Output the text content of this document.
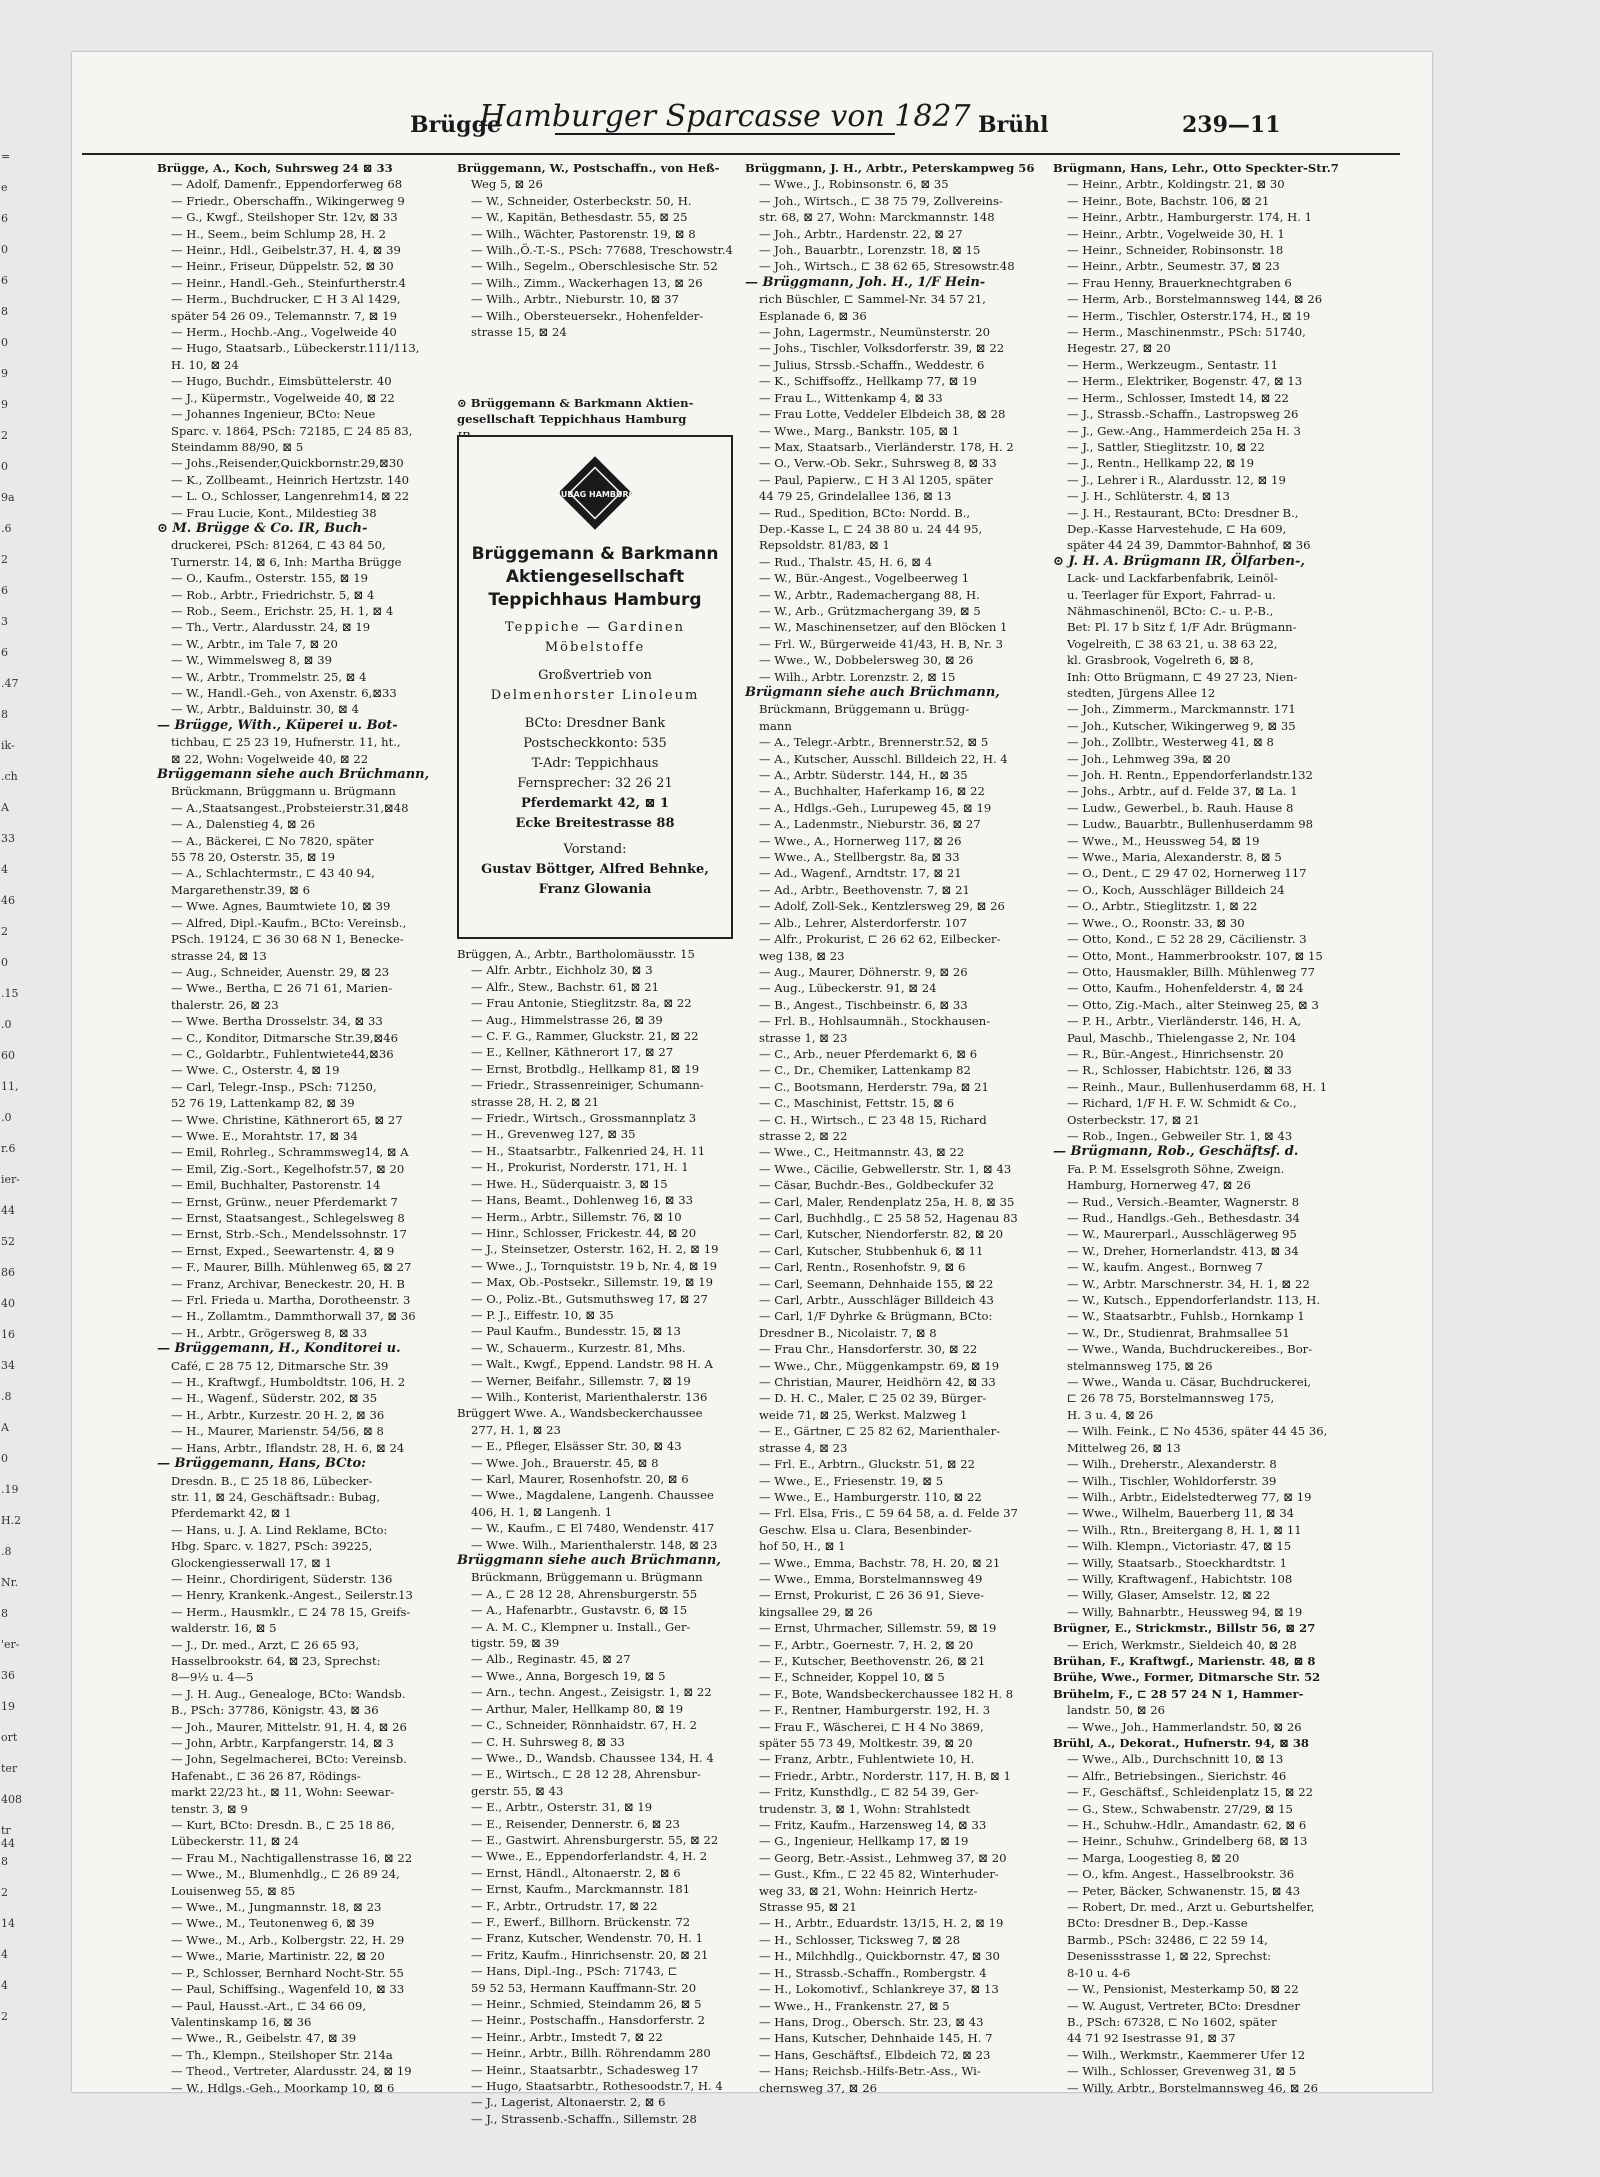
=
e
6
0
6
8
0
9
9
2
0
9a
.6
2
6
3
6
.47
8
ik-
.ch
A
33
4
46
2
0
.15
.0
60
11,
.0
r.6
ier-
44
52
86
40
16
34
.8
A
0
.19
H.2
.8
Nr.
8
'er-
36
19
ort
ter
408
tr 44
8
2
14
4
4
2
Brügge
Hamburger Sparcasse von 1827 Brühl	239—11
Brügge, A., Koch, Suhrsweg 24 ⊠ 33
— Adolf, Damenfr., Eppendorferweg 68
— Friedr., Oberschaffn., Wikingerweg 9
— G., Kwgf., Steilshoper Str. 12v, ⊠ 33
— H., Seem., beim Schlump 28, H. 2
— Heinr., Hdl., Geibelstr.37, H. 4, ⊠ 39
— Heinr., Friseur, Düppelstr. 52, ⊠ 30
— Heinr., Handl.-Geh., Steinfurtherstr.4
— Herm., Buchdrucker, ⊏ H 3 Al 1429,
später 54 26 09., Telemannstr. 7, ⊠ 19
— Herm., Hochb.-Ang., Vogelweide 40
— Hugo, Staatsarb., Lübeckerstr.111/113,
H. 10, ⊠ 24
— Hugo, Buchdr., Eimsbüttelerstr. 40
— J., Küpermstr., Vogelweide 40, ⊠ 22
— Johannes Ingenieur, BCto: Neue
Sparc. v. 1864, PSch: 72185, ⊏ 24 85 83,
Steindamm 88/90, ⊠ 5
— Johs.,Reisender,Quickbornstr.29,⊠30
— K., Zollbeamt., Heinrich Hertzstr. 140
— L. O., Schlosser, Langenrehm14, ⊠ 22
— Frau Lucie, Kont., Mildestieg 38
⊙ M. Brügge & Co. IR, Buch-
druckerei, PSch: 81264, ⊏ 43 84 50,
Turnerstr. 14, ⊠ 6, Inh: Martha Brügge
— O., Kaufm., Osterstr. 155, ⊠ 19
— Rob., Arbtr., Friedrichstr. 5, ⊠ 4
— Rob., Seem., Erichstr. 25, H. 1, ⊠ 4
— Th., Vertr., Alardusstr. 24, ⊠ 19
— W., Arbtr., im Tale 7, ⊠ 20
— W., Wimmelsweg 8, ⊠ 39
— W., Arbtr., Trommelstr. 25, ⊠ 4
— W., Handl.-Geh., von Axenstr. 6,⊠33
— W., Arbtr., Balduinstr. 30, ⊠ 4
— Brügge, With., Küperei u. Bot-
tichbau, ⊏ 25 23 19, Hufnerstr. 11, ht.,
⊠ 22, Wohn: Vogelweide 40, ⊠ 22
Brüggemann siehe auch Brüchmann,
Brückmann, Brüggmann u. Brügmann
— A.,Staatsangest.,Probsteierstr.31,⊠48
— A., Dalenstieg 4, ⊠ 26
— A., Bäckerei, ⊏ No 7820, später
55 78 20, Osterstr. 35, ⊠ 19
— A., Schlachtermstr., ⊏ 43 40 94,
Margarethenstr.39, ⊠ 6
— Wwe. Agnes, Baumtwiete 10, ⊠ 39
— Alfred, Dipl.-Kaufm., BCto: Vereinsb.,
PSch. 19124, ⊏ 36 30 68 N 1, Benecke-
strasse 24, ⊠ 13
— Aug., Schneider, Auenstr. 29, ⊠ 23
— Wwe., Bertha, ⊏ 26 71 61, Marien-
thalerstr. 26, ⊠ 23
— Wwe. Bertha Drosselstr. 34, ⊠ 33
— C., Konditor, Ditmarsche Str.39,⊠46
— C., Goldarbtr., Fuhlentwiete44,⊠36
— Wwe. C., Osterstr. 4, ⊠ 19
— Carl, Telegr.-Insp., PSch: 71250,
52 76 19, Lattenkamp 82, ⊠ 39
— Wwe. Christine, Käthnerort 65, ⊠ 27
— Wwe. E., Morahtstr. 17, ⊠ 34
— Emil, Rohrleg., Schrammsweg14, ⊠ A
— Emil, Zig.-Sort., Kegelhofstr.57, ⊠ 20
— Emil, Buchhalter, Pastorenstr. 14
— Ernst, Grünw., neuer Pferdemarkt 7
— Ernst, Staatsangest., Schlegelsweg 8
— Ernst, Strb.-Sch., Mendelssohnstr. 17
— Ernst, Exped., Seewartenstr. 4, ⊠ 9
— F., Maurer, Billh. Mühlenweg 65, ⊠ 27
— Franz, Archivar, Beneckestr. 20, H. B
— Frl. Frieda u. Martha, Dorotheenstr. 3
— H., Zollamtm., Dammthorwall 37, ⊠ 36
— H., Arbtr., Grögersweg 8, ⊠ 33
— Brüggemann, H., Konditorei u.
Café, ⊏ 28 75 12, Ditmarsche Str. 39
— H., Kraftwgf., Humboldtstr. 106, H. 2
— H., Wagenf., Süderstr. 202, ⊠ 35
— H., Arbtr., Kurzestr. 20 H. 2, ⊠ 36
— H., Maurer, Marienstr. 54/56, ⊠ 8
— Hans, Arbtr., Iflandstr. 28, H. 6, ⊠ 24
— Brüggemann, Hans, BCto:
Dresdn. B., ⊏ 25 18 86, Lübecker-
str. 11, ⊠ 24, Geschäftsadr.: Bubag,
Pferdemarkt 42, ⊠ 1
— Hans, u. J. A. Lind Reklame, BCto:
Hbg. Sparc. v. 1827, PSch: 39225,
Glockengiesserwall 17, ⊠ 1
— Heinr., Chordirigent, Süderstr. 136
— Henry, Krankenk.-Angest., Seilerstr.13
— Herm., Hausmklr., ⊏ 24 78 15, Greifs-
walderstr. 16, ⊠ 5
— J., Dr. med., Arzt, ⊏ 26 65 93,
Hasselbrookstr. 64, ⊠ 23, Sprechst:
8—9½ u. 4—5
— J. H. Aug., Genealoge, BCto: Wandsb.
B., PSch: 37786, Königstr. 43, ⊠ 36
— Joh., Maurer, Mittelstr. 91, H. 4, ⊠ 26
— John, Arbtr., Karpfangerstr. 14, ⊠ 3
— John, Segelmacherei, BCto: Vereinsb.
Hafenabt., ⊏ 36 26 87, Rödings-
markt 22/23 ht., ⊠ 11, Wohn: Seewar-
tenstr. 3, ⊠ 9
— Kurt, BCto: Dresdn. B., ⊏ 25 18 86,
Lübeckerstr. 11, ⊠ 24
— Frau M., Nachtigallenstrasse 16, ⊠ 22
— Wwe., M., Blumenhdlg., ⊏ 26 89 24,
Louisenweg 55, ⊠ 85
— Wwe., M., Jungmannstr. 18, ⊠ 23
— Wwe., M., Teutonenweg 6, ⊠ 39
— Wwe., M., Arb., Kolbergstr. 22, H. 29
— Wwe., Marie, Martinistr. 22, ⊠ 20
— P., Schlosser, Bernhard Nocht-Str. 55
— Paul, Schiffsing., Wagenfeld 10, ⊠ 33
— Paul, Hausst.-Art., ⊏ 34 66 09,
Valentinskamp 16, ⊠ 36
— Wwe., R., Geibelstr. 47, ⊠ 39
— Th., Klempn., Steilshoper Str. 214a
— Theod., Vertreter, Alardusstr. 24, ⊠ 19
— W., Hdlgs.-Geh., Moorkamp 10, ⊠ 6
Brüggemann, W., Postschaffn., von Heß-
Weg 5, ⊠ 26
— W., Schneider, Osterbeckstr. 50, H.
— W., Kapitän, Bethesdastr. 55, ⊠ 25
— Wilh., Wächter, Pastorenstr. 19, ⊠ 8
— Wilh.,Ö.-T.-S., PSch: 77688, Treschowstr.4
— Wilh., Segelm., Oberschlesische Str. 52
— Wilh., Zimm., Wackerhagen 13, ⊠ 26
— Wilh., Arbtr., Nieburstr. 10, ⊠ 37
— Wilh., Obersteuersekr., Hohenfelder-
strasse 15, ⊠ 24
⊙ Brüggemann & Barkmann Aktien-
gesellschaft Teppichhaus Hamburg
BUBAG HAMBURG
Brüggemann & Barkmann
Aktiengesellschaft
Teppichhaus Hamburg
Teppiche — Gardinen
Möbelstoffe
Großvertrieb von
Delmenhorster Linoleum
BCto: Dresdner Bank
Postscheckkonto: 535
T-Adr: Teppichhaus
Fernsprecher: 32 26 21
Pferdemarkt 42, ⊠ 1
Ecke Breitestrasse 88
Vorstand:
Gustav Böttger, Alfred Behnke,
Franz Glowania
Brüggen, A., Arbtr., Bartholomäusstr. 15
— Alfr. Arbtr., Eichholz 30, ⊠ 3
— Alfr., Stew., Bachstr. 61, ⊠ 21
— Frau Antonie, Stieglitzstr. 8a, ⊠ 22
— Aug., Himmelstrasse 26, ⊠ 39
— C. F. G., Rammer, Gluckstr. 21, ⊠ 22
— E., Kellner, Käthnerort 17, ⊠ 27
— Ernst, Brotbdlg., Hellkamp 81, ⊠ 19
— Friedr., Strassenreiniger, Schumann-
strasse 28, H. 2, ⊠ 21
— Friedr., Wirtsch., Grossmannplatz 3
— H., Grevenweg 127, ⊠ 35
— H., Staatsarbtr., Falkenried 24, H. 11
— H., Prokurist, Norderstr. 171, H. 1
— Hwe. H., Süderquaistr. 3, ⊠ 15
— Hans, Beamt., Dohlenweg 16, ⊠ 33
— Herm., Arbtr., Sillemstr. 76, ⊠ 10
— Hinr., Schlosser, Frickestr. 44, ⊠ 20
— J., Steinsetzer, Osterstr. 162, H. 2, ⊠ 19
— Wwe., J., Tornquiststr. 19 b, Nr. 4, ⊠ 19
— Max, Ob.-Postsekr., Sillemstr. 19, ⊠ 19
— O., Poliz.-Bt., Gutsmuthsweg 17, ⊠ 27
— P. J., Eiffestr. 10, ⊠ 35
— Paul Kaufm., Bundesstr. 15, ⊠ 13
— W., Schauerm., Kurzestr. 81, Mhs.
— Walt., Kwgf., Eppend. Landstr. 98 H. A
— Werner, Beifahr., Sillemstr. 7, ⊠ 19
— Wilh., Konterist, Marienthalerstr. 136
Brüggert Wwe. A., Wandsbeckerchaussee
277, H. 1, ⊠ 23
— E., Pfleger, Elsässer Str. 30, ⊠ 43
— Wwe. Joh., Brauerstr. 45, ⊠ 8
— Karl, Maurer, Rosenhofstr. 20, ⊠ 6
— Wwe., Magdalene, Langenh. Chaussee
406, H. 1, ⊠ Langenh. 1
— W., Kaufm., ⊏ El 7480, Wendenstr. 417
— Wwe. Wilh., Marienthalerstr. 148, ⊠ 23
Brüggmann siehe auch Brüchmann,
Brückmann, Brüggemann u. Brügmann
— A., ⊏ 28 12 28, Ahrensburgerstr. 55
— A., Hafenarbtr., Gustavstr. 6, ⊠ 15
— A. M. C., Klempner u. Install., Ger-
tigstr. 59, ⊠ 39
— Alb., Reginastr. 45, ⊠ 27
— Wwe., Anna, Borgesch 19, ⊠ 5
— Arn., techn. Angest., Zeisigstr. 1, ⊠ 22
— Arthur, Maler, Hellkamp 80, ⊠ 19
— C., Schneider, Rönnhaidstr. 67, H. 2
— C. H. Suhrsweg 8, ⊠ 33
— Wwe., D., Wandsb. Chaussee 134, H. 4
— E., Wirtsch., ⊏ 28 12 28, Ahrensbur-
gerstr. 55, ⊠ 43
— E., Arbtr., Osterstr. 31, ⊠ 19
— E., Reisender, Dennerstr. 6, ⊠ 23
— E., Gastwirt. Ahrensburgerstr. 55, ⊠ 22
— Wwe., E., Eppendorferlandstr. 4, H. 2
— Ernst, Händl., Altonaerstr. 2, ⊠ 6
— Ernst, Kaufm., Marckmannstr. 181
— F., Arbtr., Ortrudstr. 17, ⊠ 22
— F., Ewerf., Billhorn. Brückenstr. 72
— Franz, Kutscher, Wendenstr. 70, H. 1
— Fritz, Kaufm., Hinrichsenstr. 20, ⊠ 21
— Hans, Dipl.-Ing., PSch: 71743, ⊏
59 52 53, Hermann Kauffmann-Str. 20
— Heinr., Schmied, Steindamm 26, ⊠ 5
— Heinr., Postschaffn., Hansdorferstr. 2
— Heinr., Arbtr., Imstedt 7, ⊠ 22
— Heinr., Arbtr., Billh. Röhrendamm 280
— Heinr., Staatsarbtr., Schadesweg 17
— Hugo, Staatsarbtr., Rothesoodstr.7, H. 4
— J., Lagerist, Altonaerstr. 2, ⊠ 6
— J., Strassenb.-Schaffn., Sillemstr. 28
Brüggmann, J. H., Arbtr., Peterskampweg 56
— Wwe., J., Robinsonstr. 6, ⊠ 35
— Joh., Wirtsch., ⊏ 38 75 79, Zollvereins-
str. 68, ⊠ 27, Wohn: Marckmannstr. 148
— Joh., Arbtr., Hardenstr. 22, ⊠ 27
— Joh., Bauarbtr., Lorenzstr. 18, ⊠ 15
— Joh., Wirtsch., ⊏ 38 62 65, Stresowstr.48
— Brüggmann, Joh. H., 1/F Hein-
rich Büschler, ⊏ Sammel-Nr. 34 57 21,
Esplanade 6, ⊠ 36
— John, Lagermstr., Neumünsterstr. 20
— Johs., Tischler, Volksdorferstr. 39, ⊠ 22
— Julius, Strssb.-Schaffn., Weddestr. 6
— K., Schiffsoffz., Hellkamp 77, ⊠ 19
— Frau L., Wittenkamp 4, ⊠ 33
— Frau Lotte, Veddeler Elbdeich 38, ⊠ 28
— Wwe., Marg., Bankstr. 105, ⊠ 1
— Max, Staatsarb., Vierländerstr. 178, H. 2
— O., Verw.-Ob. Sekr., Suhrsweg 8, ⊠ 33
— Paul, Papierw., ⊏ H 3 Al 1205, später
44 79 25, Grindelallee 136, ⊠ 13
— Rud., Spedition, BCto: Nordd. B.,
Dep.-Kasse L, ⊏ 24 38 80 u. 24 44 95,
Repsoldstr. 81/83, ⊠ 1
— Rud., Thalstr. 45, H. 6, ⊠ 4
— W., Bür.-Angest., Vogelbeerweg 1
— W., Arbtr., Rademachergang 88, H.
— W., Arb., Grützmachergang 39, ⊠ 5
— W., Maschinensetzer, auf den Blöcken 1
— Frl. W., Bürgerweide 41/43, H. B, Nr. 3
— Wwe., W., Dobbelersweg 30, ⊠ 26
— Wilh., Arbtr. Lorenzstr. 2, ⊠ 15
Brügmann siehe auch Brüchmann,
Brückmann, Brüggemann u. Brügg-
mann
— A., Telegr.-Arbtr., Brennerstr.52, ⊠ 5
— A., Kutscher, Ausschl. Billdeich 22, H. 4
— A., Arbtr. Süderstr. 144, H., ⊠ 35
— A., Buchhalter, Haferkamp 16, ⊠ 22
— A., Hdlgs.-Geh., Lurupeweg 45, ⊠ 19
— A., Ladenmstr., Nieburstr. 36, ⊠ 27
— Wwe., A., Hornerweg 117, ⊠ 26
— Wwe., A., Stellbergstr. 8a, ⊠ 33
— Ad., Wagenf., Arndtstr. 17, ⊠ 21
— Ad., Arbtr., Beethovenstr. 7, ⊠ 21
— Adolf, Zoll-Sek., Kentzlersweg 29, ⊠ 26
— Alb., Lehrer, Alsterdorferstr. 107
— Alfr., Prokurist, ⊏ 26 62 62, Eilbecker-
weg 138, ⊠ 23
— Aug., Maurer, Döhnerstr. 9, ⊠ 26
— Aug., Lübeckerstr. 91, ⊠ 24
— B., Angest., Tischbeinstr. 6, ⊠ 33
— Frl. B., Hohlsaumnäh., Stockhausen-
strasse 1, ⊠ 23
— C., Arb., neuer Pferdemarkt 6, ⊠ 6
— C., Dr., Chemiker, Lattenkamp 82
— C., Bootsmann, Herderstr. 79a, ⊠ 21
— C., Maschinist, Fettstr. 15, ⊠ 6
— C. H., Wirtsch., ⊏ 23 48 15, Richard
strasse 2, ⊠ 22
— Wwe., C., Heitmannstr. 43, ⊠ 22
— Wwe., Cäcilie, Gebwellerstr. Str. 1, ⊠ 43
— Cäsar, Buchdr.-Bes., Goldbeckufer 32
— Carl, Maler, Rendenplatz 25a, H. 8, ⊠ 35
— Carl, Buchhdlg., ⊏ 25 58 52, Hagenau 83
— Carl, Kutscher, Niendorferstr. 82, ⊠ 20
— Carl, Kutscher, Stubbenhuk 6, ⊠ 11
— Carl, Rentn., Rosenhofstr. 9, ⊠ 6
— Carl, Seemann, Dehnhaide 155, ⊠ 22
— Carl, Arbtr., Ausschläger Billdeich 43
— Carl, 1/F Dyhrke & Brügmann, BCto:
Dresdner B., Nicolaistr. 7, ⊠ 8
— Frau Chr., Hansdorferstr. 30, ⊠ 22
— Wwe., Chr., Müggenkampstr. 69, ⊠ 19
— Christian, Maurer, Heidhörn 42, ⊠ 33
— D. H. C., Maler, ⊏ 25 02 39, Bürger-
weide 71, ⊠ 25, Werkst. Malzweg 1
— E., Gärtner, ⊏ 25 82 62, Marienthaler-
strasse 4, ⊠ 23
— Frl. E., Arbtrn., Gluckstr. 51, ⊠ 22
— Wwe., E., Friesenstr. 19, ⊠ 5
— Wwe., E., Hamburgerstr. 110, ⊠ 22
— Frl. Elsa, Fris., ⊏ 59 64 58, a. d. Felde 37
Geschw. Elsa u. Clara, Besenbinder-
hof 50, H., ⊠ 1
— Wwe., Emma, Bachstr. 78, H. 20, ⊠ 21
— Wwe., Emma, Borstelmannsweg 49
— Ernst, Prokurist, ⊏ 26 36 91, Sieve-
kingsallee 29, ⊠ 26
— Ernst, Uhrmacher, Sillemstr. 59, ⊠ 19
— F., Arbtr., Goernestr. 7, H. 2, ⊠ 20
— F., Kutscher, Beethovenstr. 26, ⊠ 21
— F., Schneider, Koppel 10, ⊠ 5
— F., Bote, Wandsbeckerchaussee 182 H. 8
— F., Rentner, Hamburgerstr. 192, H. 3
— Frau F., Wäscherei, ⊏ H 4 No 3869,
später 55 73 49, Moltkestr. 39, ⊠ 20
— Franz, Arbtr., Fuhlentwiete 10, H.
— Friedr., Arbtr., Norderstr. 117, H. B, ⊠ 1
— Fritz, Kunsthdlg., ⊏ 82 54 39, Ger-
trudenstr. 3, ⊠ 1, Wohn: Strahlstedt
— Fritz, Kaufm., Harzensweg 14, ⊠ 33
— G., Ingenieur, Hellkamp 17, ⊠ 19
— Georg, Betr.-Assist., Lehmweg 37, ⊠ 20
— Gust., Kfm., ⊏ 22 45 82, Winterhuder-
weg 33, ⊠ 21, Wohn: Heinrich Hertz-
Strasse 95, ⊠ 21
— H., Arbtr., Eduardstr. 13/15, H. 2, ⊠ 19
— H., Schlosser, Ticksweg 7, ⊠ 28
— H., Milchhdlg., Quickbornstr. 47, ⊠ 30
— H., Strassb.-Schaffn., Rombergstr. 4
— H., Lokomotivf., Schlankreye 37, ⊠ 13
— Wwe., H., Frankenstr. 27, ⊠ 5
— Hans, Drog., Obersch. Str. 23, ⊠ 43
— Hans, Kutscher, Dehnhaide 145, H. 7
— Hans, Geschäftsf., Elbdeich 72, ⊠ 23
— Hans; Reichsb.-Hilfs-Betr.-Ass., Wi-
chernsweg 37, ⊠ 26
Brügmann, Hans, Lehr., Otto Speckter-Str.7
— Heinr., Arbtr., Koldingstr. 21, ⊠ 30
— Heinr., Bote, Bachstr. 106, ⊠ 21
— Heinr., Arbtr., Hamburgerstr. 174, H. 1
— Heinr., Arbtr., Vogelweide 30, H. 1
— Heinr., Schneider, Robinsonstr. 18
— Heinr., Arbtr., Seumestr. 37, ⊠ 23
— Frau Henny, Brauerknechtgraben 6
— Herm, Arb., Borstelmannsweg 144, ⊠ 26
— Herm., Tischler, Osterstr.174, H., ⊠ 19
— Herm., Maschinenmstr., PSch: 51740,
Hegestr. 27, ⊠ 20
— Herm., Werkzeugm., Sentastr. 11
— Herm., Elektriker, Bogenstr. 47, ⊠ 13
— Herm., Schlosser, Imstedt 14, ⊠ 22
— J., Strassb.-Schaffn., Lastropsweg 26
— J., Gew.-Ang., Hammerdeich 25a H. 3
— J., Sattler, Stieglitzstr. 10, ⊠ 22
— J., Rentn., Hellkamp 22, ⊠ 19
— J., Lehrer i R., Alardusstr. 12, ⊠ 19
— J. H., Schlüterstr. 4, ⊠ 13
— J. H., Restaurant, BCto: Dresdner B.,
Dep.-Kasse Harvestehude, ⊏ Ha 609,
später 44 24 39, Dammtor-Bahnhof, ⊠ 36
⊙ J. H. A. Brügmann IR, Ölfarben-,
Lack- und Lackfarbenfabrik, Leinöl-
u. Teerlager für Export, Fahrrad- u.
Nähmaschinenöl, BCto: C.- u. P.-B.,
Bet: Pl. 17 b Sitz f, 1/F Adr. Brügmann-
Vogelreith, ⊏ 38 63 21, u. 38 63 22,
kl. Grasbrook, Vogelreth 6, ⊠ 8,
Inh: Otto Brügmann, ⊏ 49 27 23, Nien-
stedten, Jürgens Allee 12
— Joh., Zimmerm., Marckmannstr. 171
— Joh., Kutscher, Wikingerweg 9, ⊠ 35
— Joh., Zollbtr., Westerweg 41, ⊠ 8
— Joh., Lehmweg 39a, ⊠ 20
— Joh. H. Rentn., Eppendorferlandstr.132
— Johs., Arbtr., auf d. Felde 37, ⊠ La. 1
— Ludw., Gewerbel., b. Rauh. Hause 8
— Ludw., Bauarbtr., Bullenhuserdamm 98
— Wwe., M., Heussweg 54, ⊠ 19
— Wwe., Maria, Alexanderstr. 8, ⊠ 5
— O., Dent., ⊏ 29 47 02, Hornerweg 117
— O., Koch, Ausschläger Billdeich 24
— O., Arbtr., Stieglitzstr. 1, ⊠ 22
— Wwe., O., Roonstr. 33, ⊠ 30
— Otto, Kond., ⊏ 52 28 29, Cäcilienstr. 3
— Otto, Mont., Hammerbrookstr. 107, ⊠ 15
— Otto, Hausmakler, Billh. Mühlenweg 77
— Otto, Kaufm., Hohenfelderstr. 4, ⊠ 24
— Otto, Zig.-Mach., alter Steinweg 25, ⊠ 3
— P. H., Arbtr., Vierländerstr. 146, H. A,
Paul, Maschb., Thielengasse 2, Nr. 104
— R., Bür.-Angest., Hinrichsenstr. 20
— R., Schlosser, Habichtstr. 126, ⊠ 33
— Reinh., Maur., Bullenhuserdamm 68, H. 1
— Richard, 1/F H. F. W. Schmidt & Co.,
Osterbeckstr. 17, ⊠ 21
— Rob., Ingen., Gebweiler Str. 1, ⊠ 43
— Brügmann, Rob., Geschäftsf. d.
Fa. P. M. Esselsgroth Söhne, Zweign.
Hamburg, Hornerweg 47, ⊠ 26
— Rud., Versich.-Beamter, Wagnerstr. 8
— Rud., Handlgs.-Geh., Bethesdastr. 34
— W., Maurerparl., Ausschlägerweg 95
— W., Dreher, Hornerlandstr. 413, ⊠ 34
— W., kaufm. Angest., Bornweg 7
— W., Arbtr. Marschnerstr. 34, H. 1, ⊠ 22
— W., Kutsch., Eppendorferlandstr. 113, H.
— W., Staatsarbtr., Fuhlsb., Hornkamp 1
— W., Dr., Studienrat, Brahmsallee 51
— Wwe., Wanda, Buchdruckereibes., Bor-
stelmannsweg 175, ⊠ 26
— Wwe., Wanda u. Cäsar, Buchdruckerei,
⊏ 26 78 75, Borstelmannsweg 175,
H. 3 u. 4, ⊠ 26
— Wilh. Feink., ⊏ No 4536, später 44 45 36,
Mittelweg 26, ⊠ 13
— Wilh., Dreherstr., Alexanderstr. 8
— Wilh., Tischler, Wohldorferstr. 39
— Wilh., Arbtr., Eidelstedterweg 77, ⊠ 19
— Wwe., Wilhelm, Bauerberg 11, ⊠ 34
— Wilh., Rtn., Breitergang 8, H. 1, ⊠ 11
— Wilh. Klempn., Victoriastr. 47, ⊠ 15
— Willy, Staatsarb., Stoeckhardtstr. 1
— Willy, Kraftwagenf., Habichtstr. 108
— Willy, Glaser, Amselstr. 12, ⊠ 22
— Willy, Bahnarbtr., Heussweg 94, ⊠ 19
Brügner, E., Strickmstr., Billstr 56, ⊠ 27
— Erich, Werkmstr., Sieldeich 40, ⊠ 28
Brühan, F., Kraftwgf., Marienstr. 48, ⊠ 8
Brühe, Wwe., Former, Ditmarsche Str. 52
Brühelm, F., ⊏ 28 57 24 N 1, Hammer-
landstr. 50, ⊠ 26
— Wwe., Joh., Hammerlandstr. 50, ⊠ 26
Brühl, A., Dekorat., Hufnerstr. 94, ⊠ 38
— Wwe., Alb., Durchschnitt 10, ⊠ 13
— Alfr., Betriebsingen., Sierichstr. 46
— F., Geschäftsf., Schleidenplatz 15, ⊠ 22
— G., Stew., Schwabenstr. 27/29, ⊠ 15
— H., Schuhw.-Hdlr., Amandastr. 62, ⊠ 6
— Heinr., Schuhw., Grindelberg 68, ⊠ 13
— Marga, Loogestieg 8, ⊠ 20
— O., kfm. Angest., Hasselbrookstr. 36
— Peter, Bäcker, Schwanenstr. 15, ⊠ 43
— Robert, Dr. med., Arzt u. Geburtshelfer,
BCto: Dresdner B., Dep.-Kasse
Barmb., PSch: 32486, ⊏ 22 59 14,
Desenissstrasse 1, ⊠ 22, Sprechst:
8-10 u. 4-6
— W., Pensionist, Mesterkamp 50, ⊠ 22
— W. August, Vertreter, BCto: Dresdner
B., PSch: 67328, ⊏ No 1602, später
44 71 92 Isestrasse 91, ⊠ 37
— Wilh., Werkmstr., Kaemmerer Ufer 12
— Wilh., Schlosser, Grevenweg 31, ⊠ 5
— Willy, Arbtr., Borstelmannsweg 46, ⊠ 26
